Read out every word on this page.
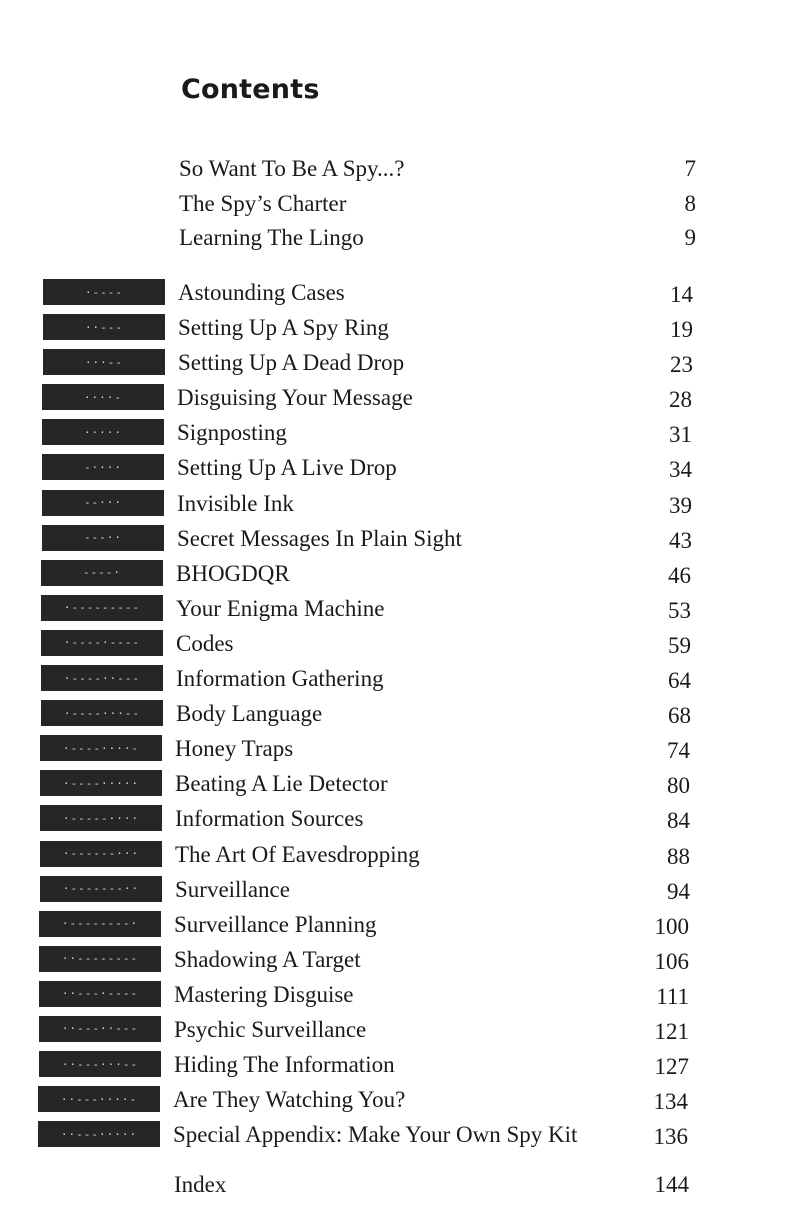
Contents
So Want To Be A Spy...?	7
The Spy’s Charter	8
Learning The Lingo	9
·----	Astounding Cases	14
··---	Setting Up A Spy Ring	19
···--	Setting Up A Dead Drop	23
····-	Disguising Your Message	28
·····	Signposting	31
-····	Setting Up A Live Drop	34
--···	Invisible Ink	39
---··	Secret Messages In Plain Sight	43
----·	BHOGDQR	46
·---------	Your Enigma Machine	53
·----·----	Codes	59
·----··---	Information Gathering	64
·----···--	Body Language	68
·----····-	Honey Traps	74
·----·····	Beating A Lie Detector	80
·-----····	Information Sources	84
·------···	The Art Of Eavesdropping	88
·-------··	Surveillance	94
·--------·	Surveillance Planning	100
··--------	Shadowing A Target	106
··---·----	Mastering Disguise	111
··---··---	Psychic Surveillance	121
··---···--	Hiding The Information	127
··---····-	Are They Watching You?	134
··---·····	Special Appendix: Make Your Own Spy Kit	136
Index	144
